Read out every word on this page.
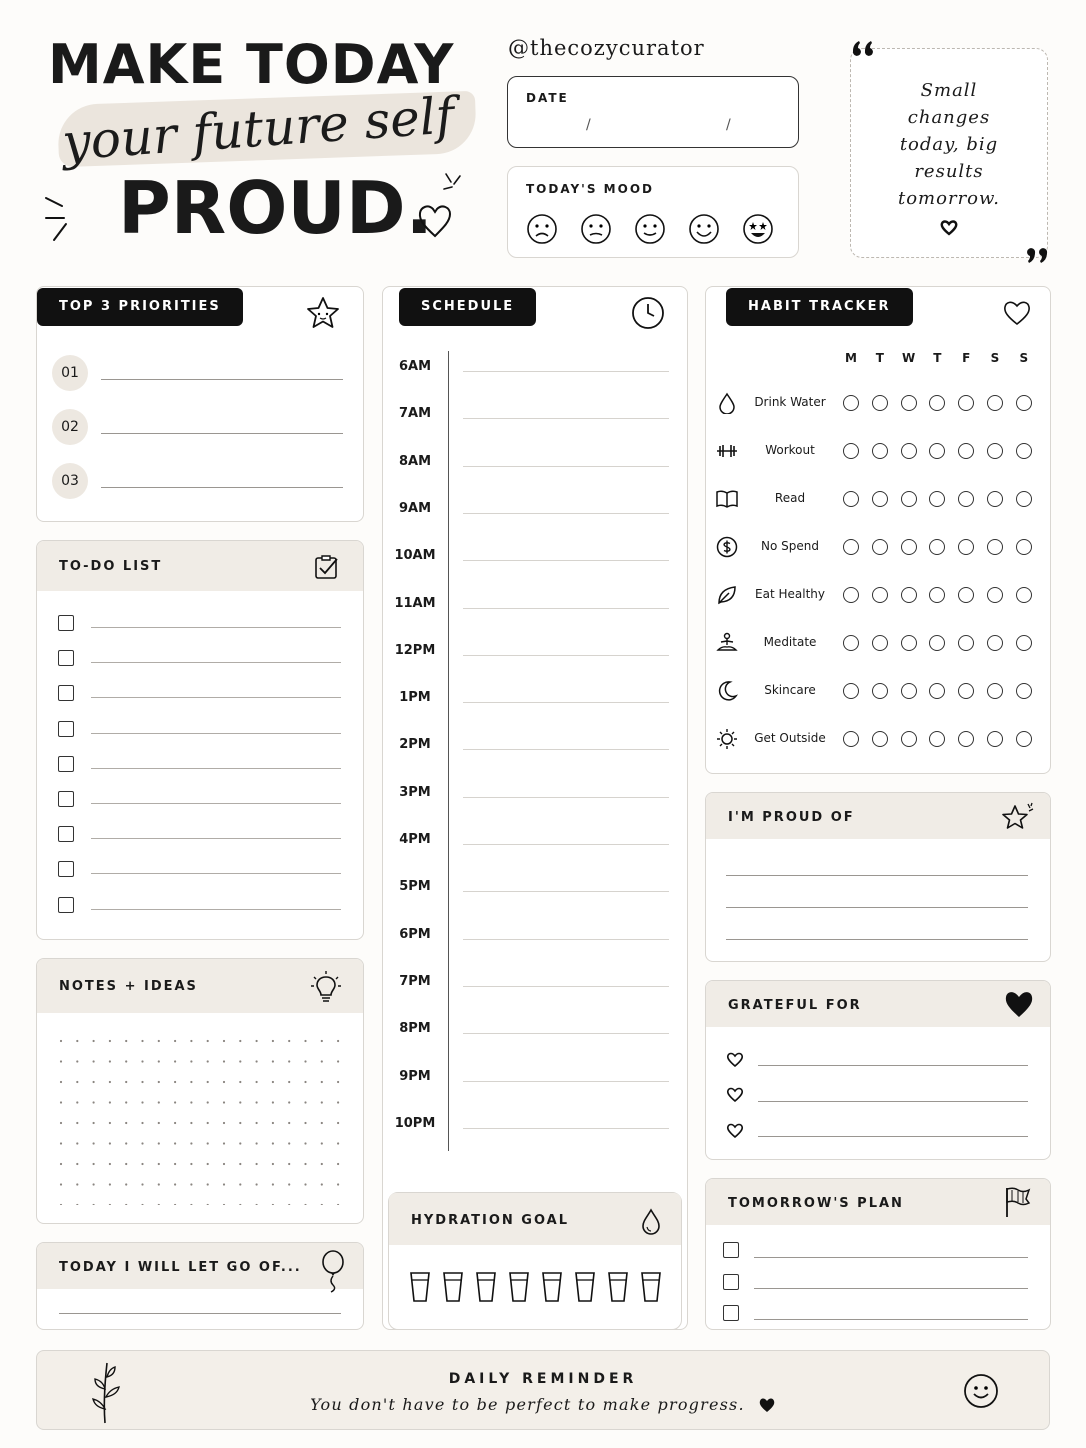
MAKE TODAY
your future self
PROUD.
@thecozycurator
DATE
/	/
TODAY'S MOOD
Small
changes
today, big
results
tomorrow.
TOP 3 PRIORITIES
01
02
03
TO-DO LIST
NOTES + IDEAS
TODAY I WILL LET GO OF...
SCHEDULE
6AM
7AM
8AM
9AM
10AM
11AM
12PM
1PM
2PM
3PM
4PM
5PM
6PM
7PM
8PM
9PM
10PM
HYDRATION GOAL
HABIT TRACKER
M	T	W	T	F	S	S
Drink Water
Workout
Read
No Spend
Eat Healthy
Meditate
Skincare
Get Outside
I'M PROUD OF
GRATEFUL FOR
TOMORROW'S PLAN
DAILY REMINDER
You don't have to be perfect to make progress.
